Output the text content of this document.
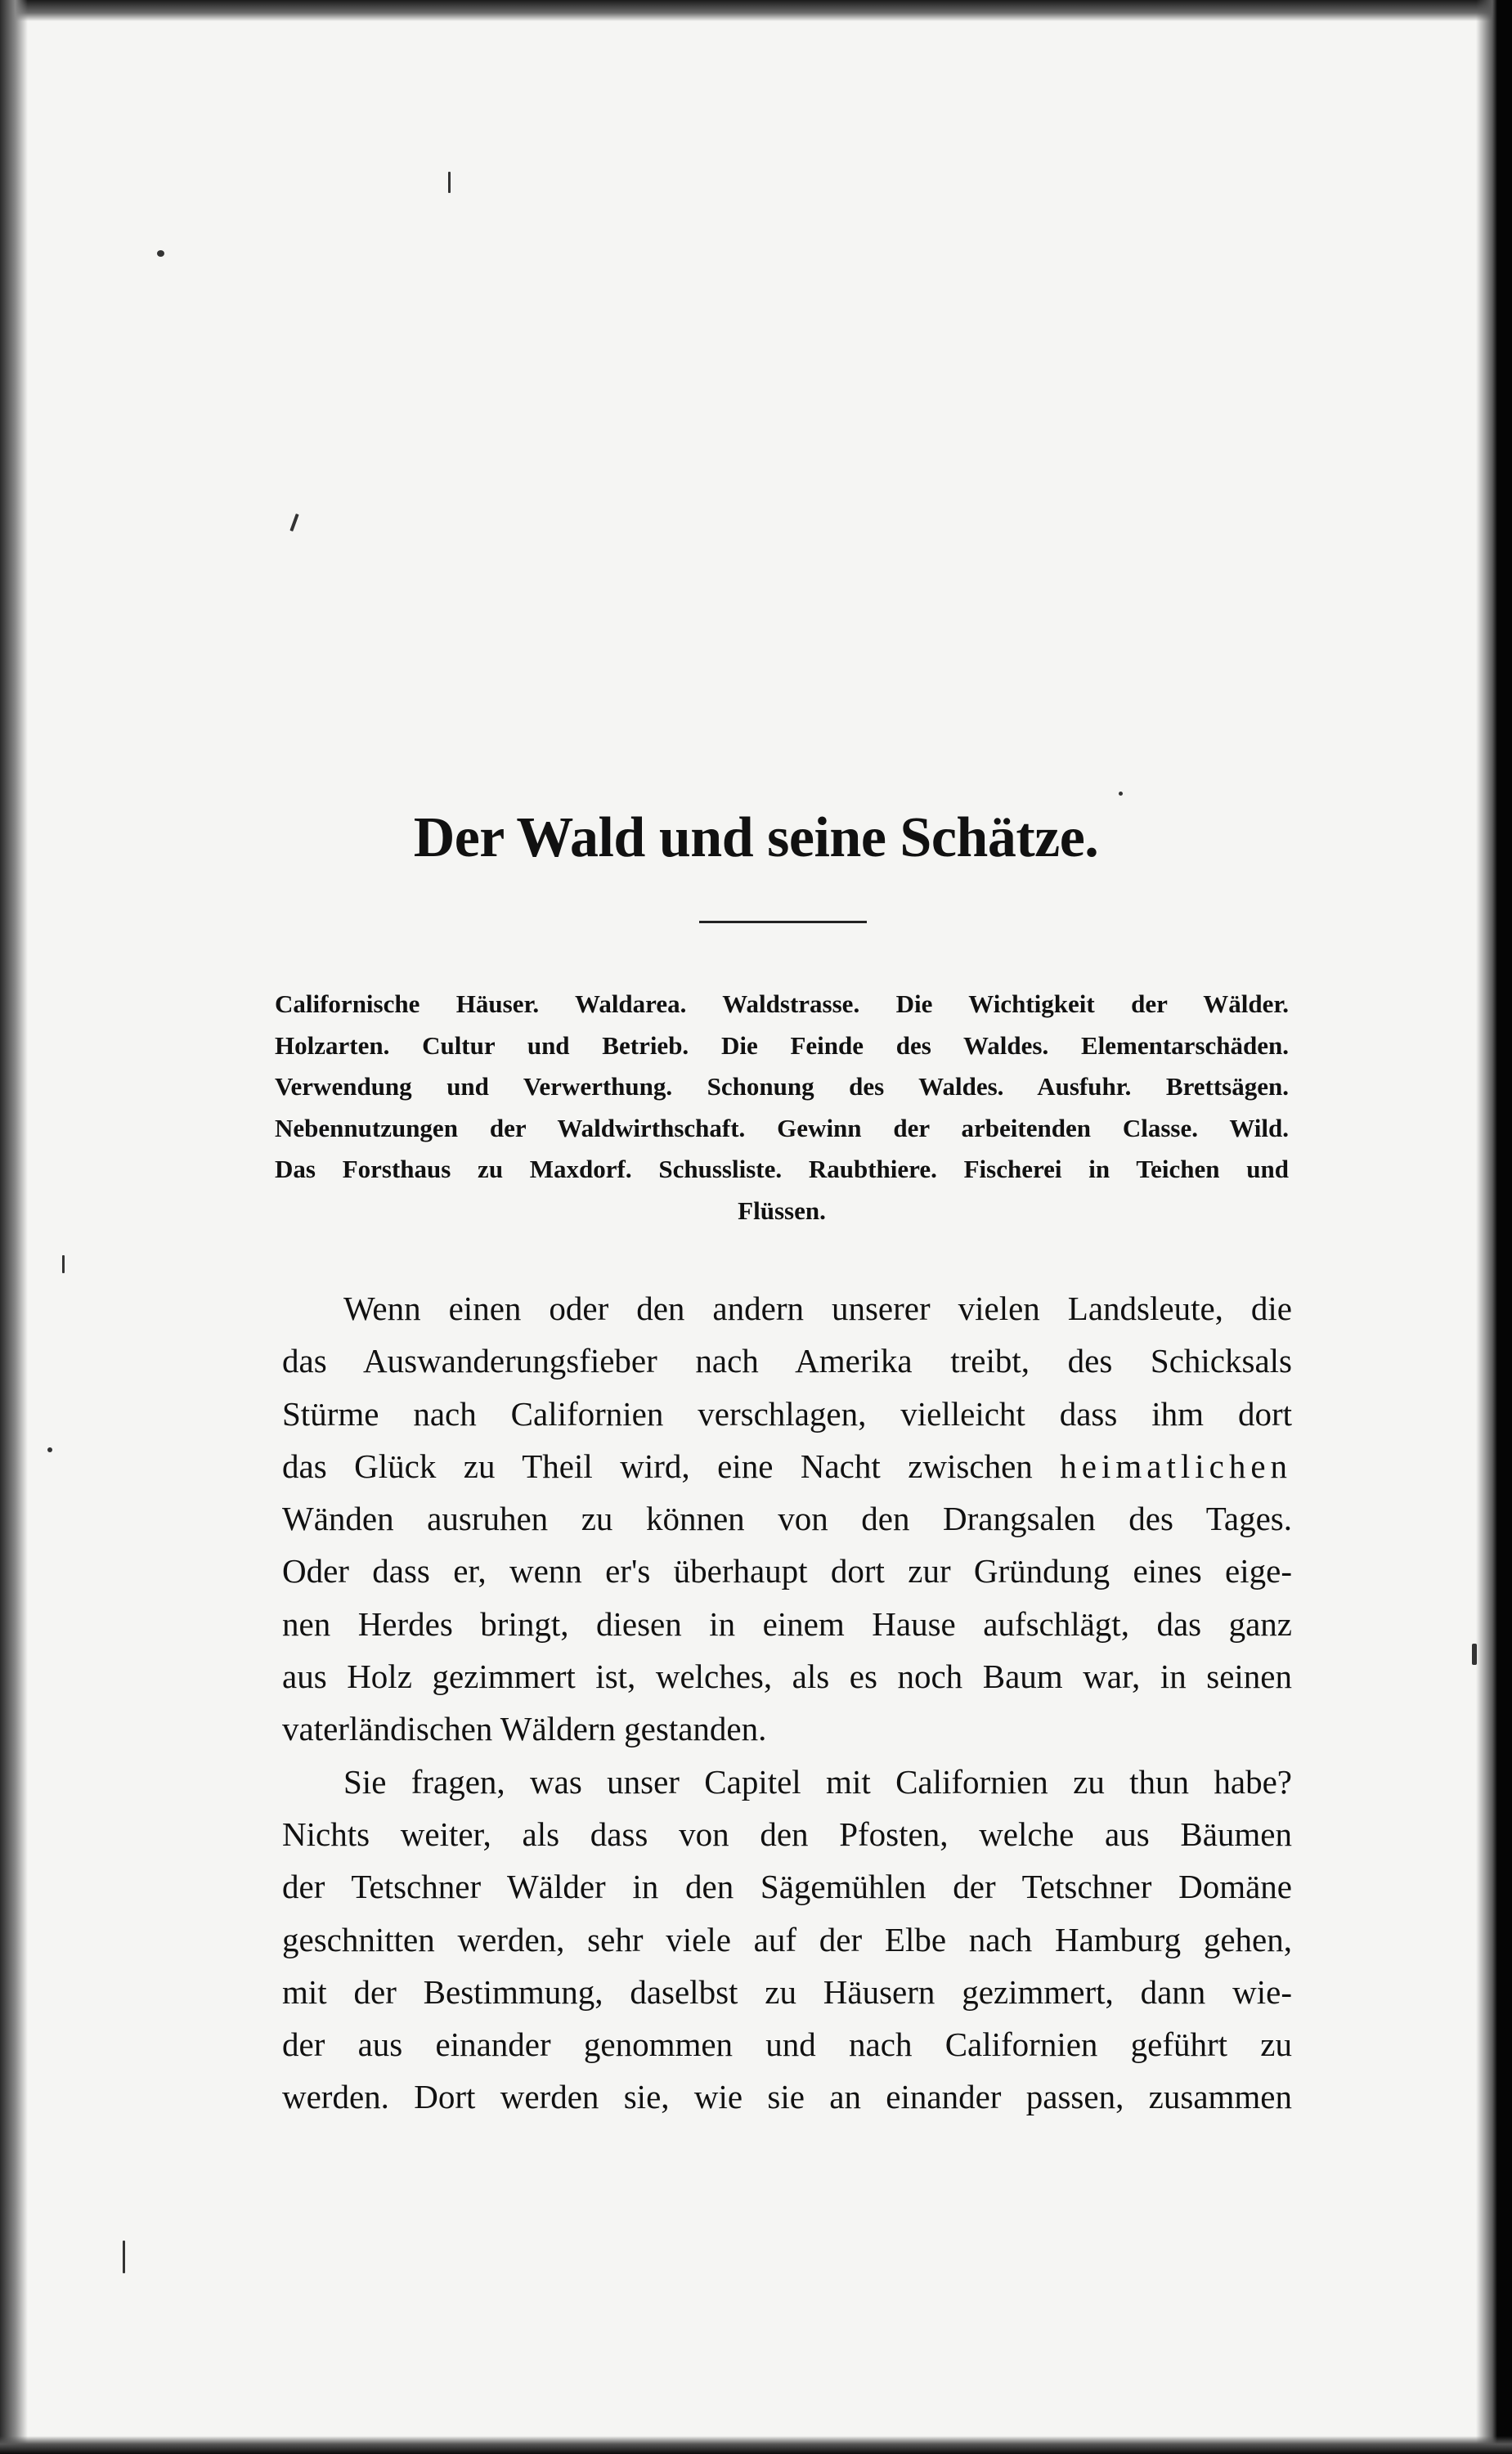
Der Wald und seine Schätze.
Californische Häuser. Waldarea. Waldstrasse. Die Wichtigkeit der Wälder.
Holzarten. Cultur und Betrieb. Die Feinde des Waldes. Elementarschäden.
Verwendung und Verwerthung. Schonung des Waldes. Ausfuhr. Brettsägen.
Nebennutzungen der Waldwirthschaft. Gewinn der arbeitenden Classe. Wild.
Das Forsthaus zu Maxdorf. Schussliste. Raubthiere. Fischerei in Teichen und
Flüssen.
Wenn einen oder den andern unserer vielen Landsleute, die
das Auswanderungsfieber nach Amerika treibt, des Schicksals
Stürme nach Californien verschlagen, vielleicht dass ihm dort
das Glück zu Theil wird, eine Nacht zwischen heimatlichen
Wänden ausruhen zu können von den Drangsalen des Tages.
Oder dass er, wenn er's überhaupt dort zur Gründung eines eige-
nen Herdes bringt, diesen in einem Hause aufschlägt, das ganz
aus Holz gezimmert ist, welches, als es noch Baum war, in seinen
vaterländischen Wäldern gestanden.
Sie fragen, was unser Capitel mit Californien zu thun habe?
Nichts weiter, als dass von den Pfosten, welche aus Bäumen
der Tetschner Wälder in den Sägemühlen der Tetschner Domäne
geschnitten werden, sehr viele auf der Elbe nach Hamburg gehen,
mit der Bestimmung, daselbst zu Häusern gezimmert, dann wie-
der aus einander genommen und nach Californien geführt zu
werden. Dort werden sie, wie sie an einander passen, zusammen
